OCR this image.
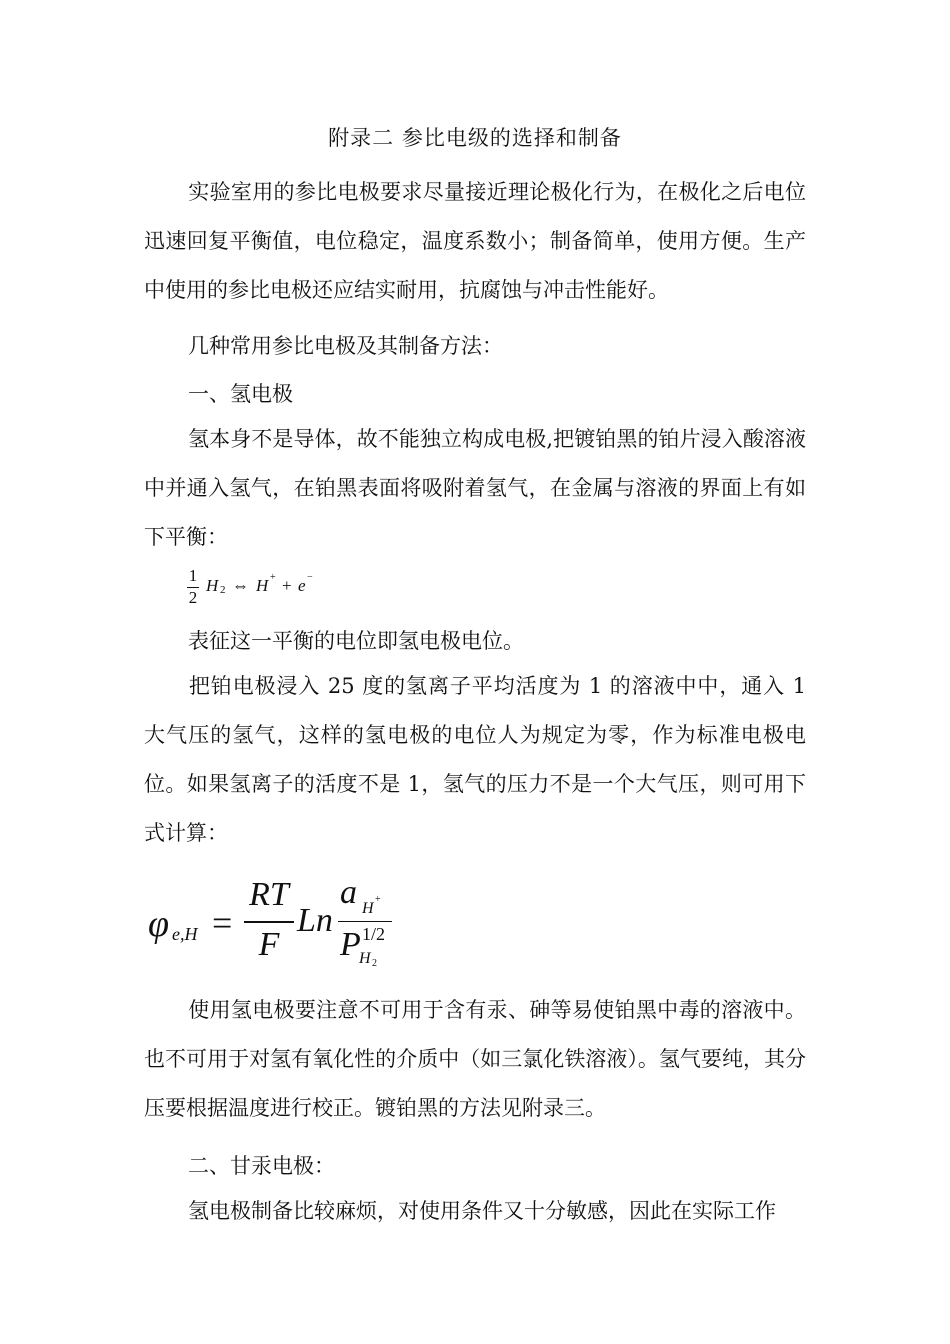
附录二 参比电级的选择和制备
实验室用的参比电极要求尽量接近理论极化行为，在极化之后电位迅速回复平衡值，电位稳定，温度系数小；制备简单，使用方便。生产中使用的参比电极还应结实耐用，抗腐蚀与冲击性能好。
几种常用参比电极及其制备方法：
一、氢电极
氢本身不是导体，故不能独立构成电极,把镀铂黑的铂片浸入酸溶液中并通入氢气，在铂黑表面将吸附着氢气，在金属与溶液的界面上有如下平衡：
1
2
H 2 ⇔ H + + e −
表征这一平衡的电位即氢电极电位。
把铂电极浸入 25 度的氢离子平均活度为 1 的溶液中中，通入 1 大气压的氢气，这样的氢电极的电位人为规定为零，作为标准电极电位。如果氢离子的活度不是 1，氢气的压力不是一个大气压，则可用下式计算：
φ e,H =
RT
F
Ln
a H
+
P 1/2
H 2
使用氢电极要注意不可用于含有汞、砷等易使铂黑中毒的溶液中。也不可用于对氢有氧化性的介质中（如三氯化铁溶液）。氢气要纯，其分压要根据温度进行校正。镀铂黑的方法见附录三。
二、甘汞电极：
氢电极制备比较麻烦，对使用条件又十分敏感，因此在实际工作
